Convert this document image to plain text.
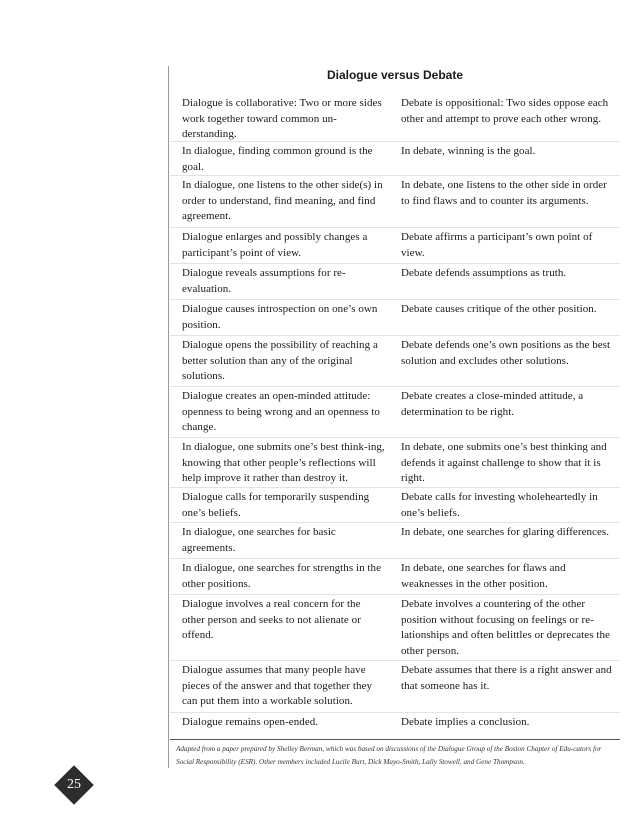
Dialogue versus Debate
Dialogue is collaborative: Two or more sides work together toward common un-derstanding.
Debate is oppositional: Two sides oppose each other and attempt to prove each other wrong.
In dialogue, finding common ground is the goal.
In debate, winning is the goal.
In dialogue, one listens to the other side(s) in order to understand, find meaning, and find agreement.
In debate, one listens to the other side in order to find flaws and to counter its arguments.
Dialogue enlarges and possibly changes a participant’s point of view.
Debate affirms a participant’s own point of view.
Dialogue reveals assumptions for re-evaluation.
Debate defends assumptions as truth.
Dialogue causes introspection on one’s own position.
Debate causes critique of the other position.
Dialogue opens the possibility of reaching a better solution than any of the original solutions.
Debate defends one’s own positions as the best solution and excludes other solutions.
Dialogue creates an open-minded attitude: openness to being wrong and an openness to change.
Debate creates a close-minded attitude, a determination to be right.
In dialogue, one submits one’s best think-ing, knowing that other people’s reflections will help improve it rather than destroy it.
In debate, one submits one’s best thinking and defends it against challenge to show that it is right.
Dialogue calls for temporarily suspending one’s beliefs.
Debate calls for investing wholeheartedly in one’s beliefs.
In dialogue, one searches for basic agreements.
In debate, one searches for glaring differences.
In dialogue, one searches for strengths in the other positions.
In debate, one searches for flaws and weaknesses in the other position.
Dialogue involves a real concern for the other person and seeks to not alienate or offend.
Debate involves a countering of the other position without focusing on feelings or re-lationships and often belittles or deprecates the other person.
Dialogue assumes that many people have pieces of the answer and that together they can put them into a workable solution.
Debate assumes that there is a right answer and that someone has it.
Dialogue remains open-ended.	Debate implies a conclusion.
Adapted from a paper prepared by Shelley Berman, which was based on discussions of the Dialogue Group of the Boston Chapter of Edu-cators for Social Responsibility (ESR). Other members included Lucile Burt, Dick Mayo-Smith, Lally Stowell, and Gene Thompson.
25
